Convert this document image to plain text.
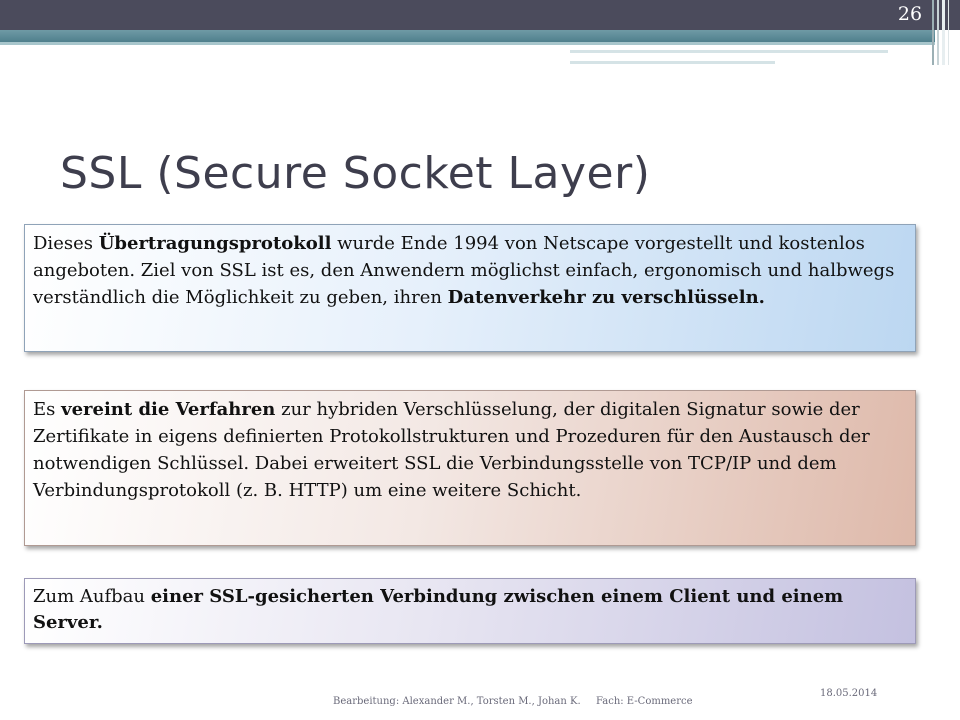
26
SSL (Secure Socket Layer)
Dieses Übertragungsprotokoll wurde Ende 1994 von Netscape vorgestellt und kostenlos angeboten. Ziel von SSL ist es, den Anwendern möglichst einfach, ergonomisch und halbwegs verständlich die Möglichkeit zu geben, ihren Datenverkehr zu verschlüsseln.
Es vereint die Verfahren zur hybriden Verschlüsselung, der digitalen Signatur sowie der Zertifikate in eigens definierten Protokollstrukturen und Prozeduren für den Austausch der notwendigen Schlüssel. Dabei erweitert SSL die Verbindungsstelle von TCP/IP und dem Verbindungsprotokoll (z. B. HTTP) um eine weitere Schicht.
Zum Aufbau einer SSL-gesicherten Verbindung zwischen einem Client und einem Server.
Bearbeitung: Alexander M., Torsten M., Johan K. Fach: E-Commerce
18.05.2014
